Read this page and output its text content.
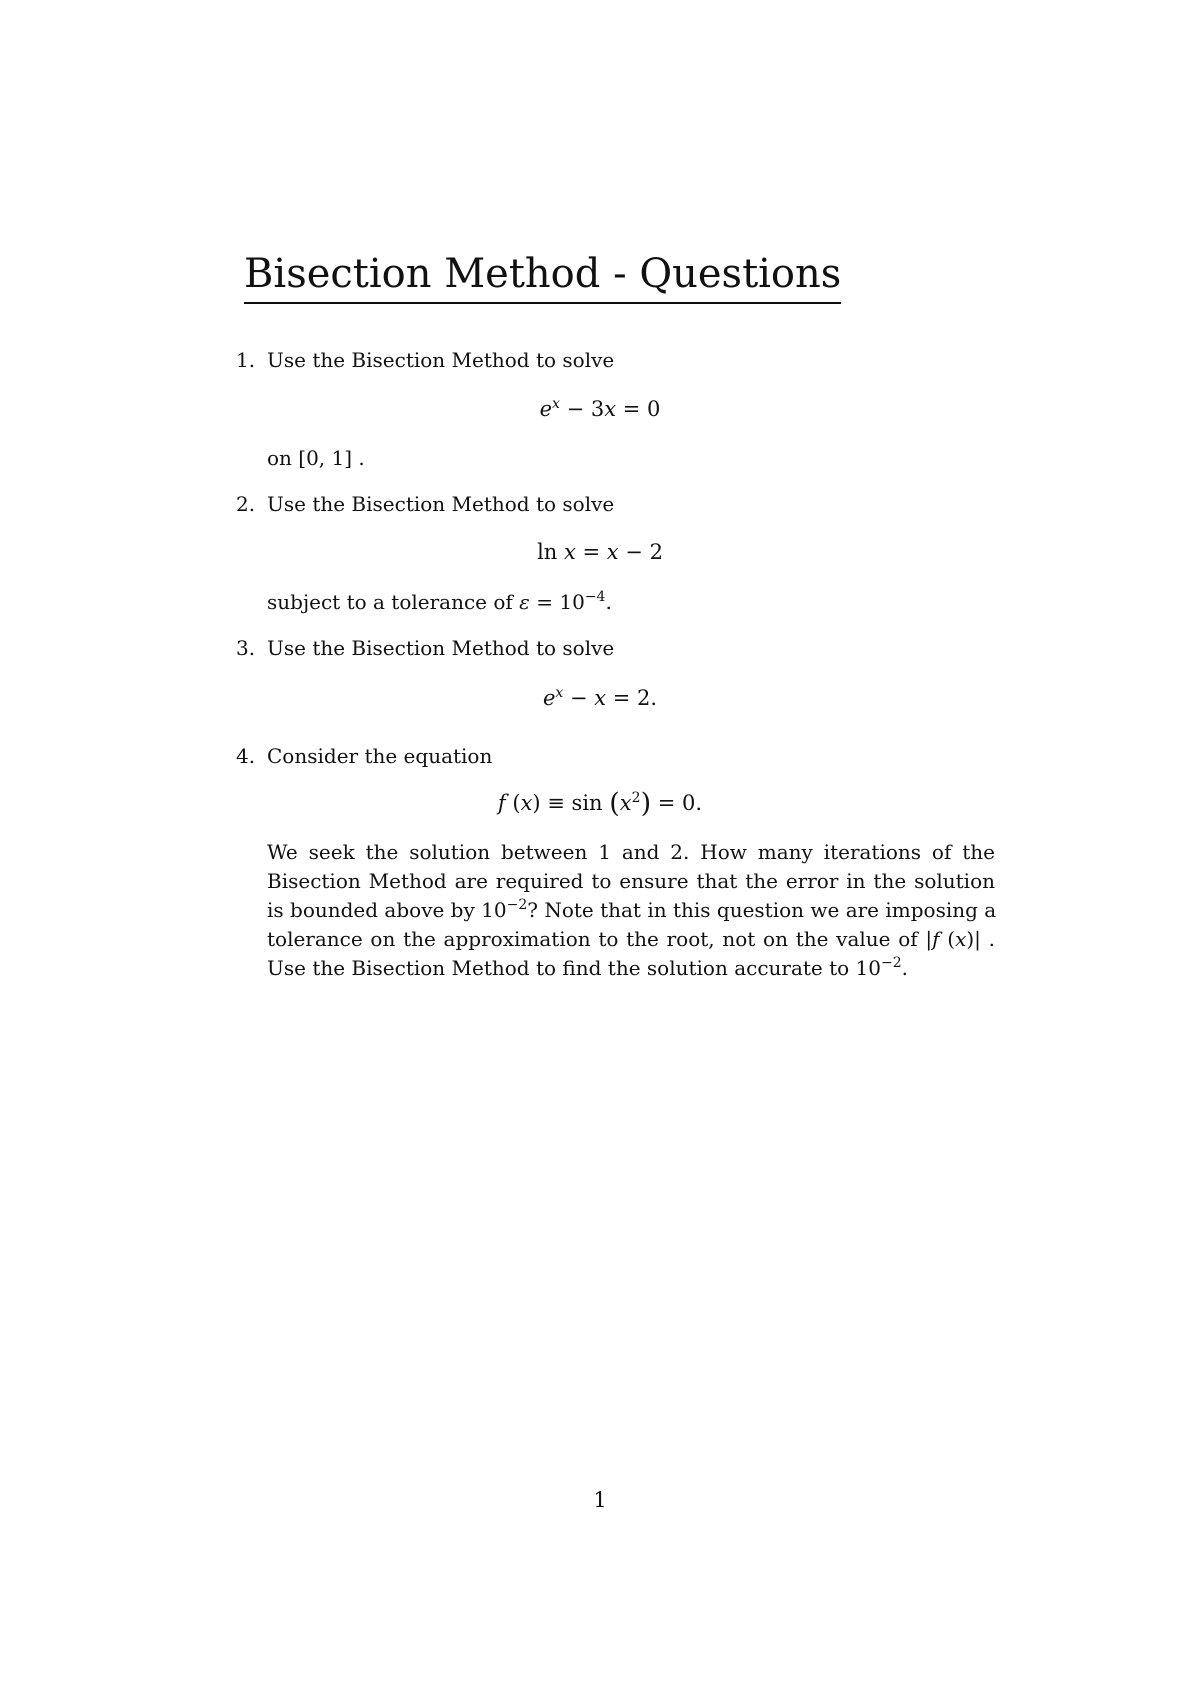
Bisection Method - Questions
1. Use the Bisection Method to solve
$e^x - 3x = 0$
on [0, 1] .
2. Use the Bisection Method to solve
ln x = x − 2
subject to a tolerance of $\varepsilon = 10^{-4}$.
3. Use the Bisection Method to solve
$e^x - x = 2$.
4. Consider the equation
f $(x) \equiv \sin (x^2) = 0$.
We seek the solution between 1 and 2. How many iterations of the
Bisection Method are required to ensure that the error in the solution
is bounded above by $10^{-2}$? Note that in this question we are imposing a
tolerance on the approximation to the root, not on the value of |f (x)| .
Use the Bisection Method to find the solution accurate to $10^{-2}$.
1
